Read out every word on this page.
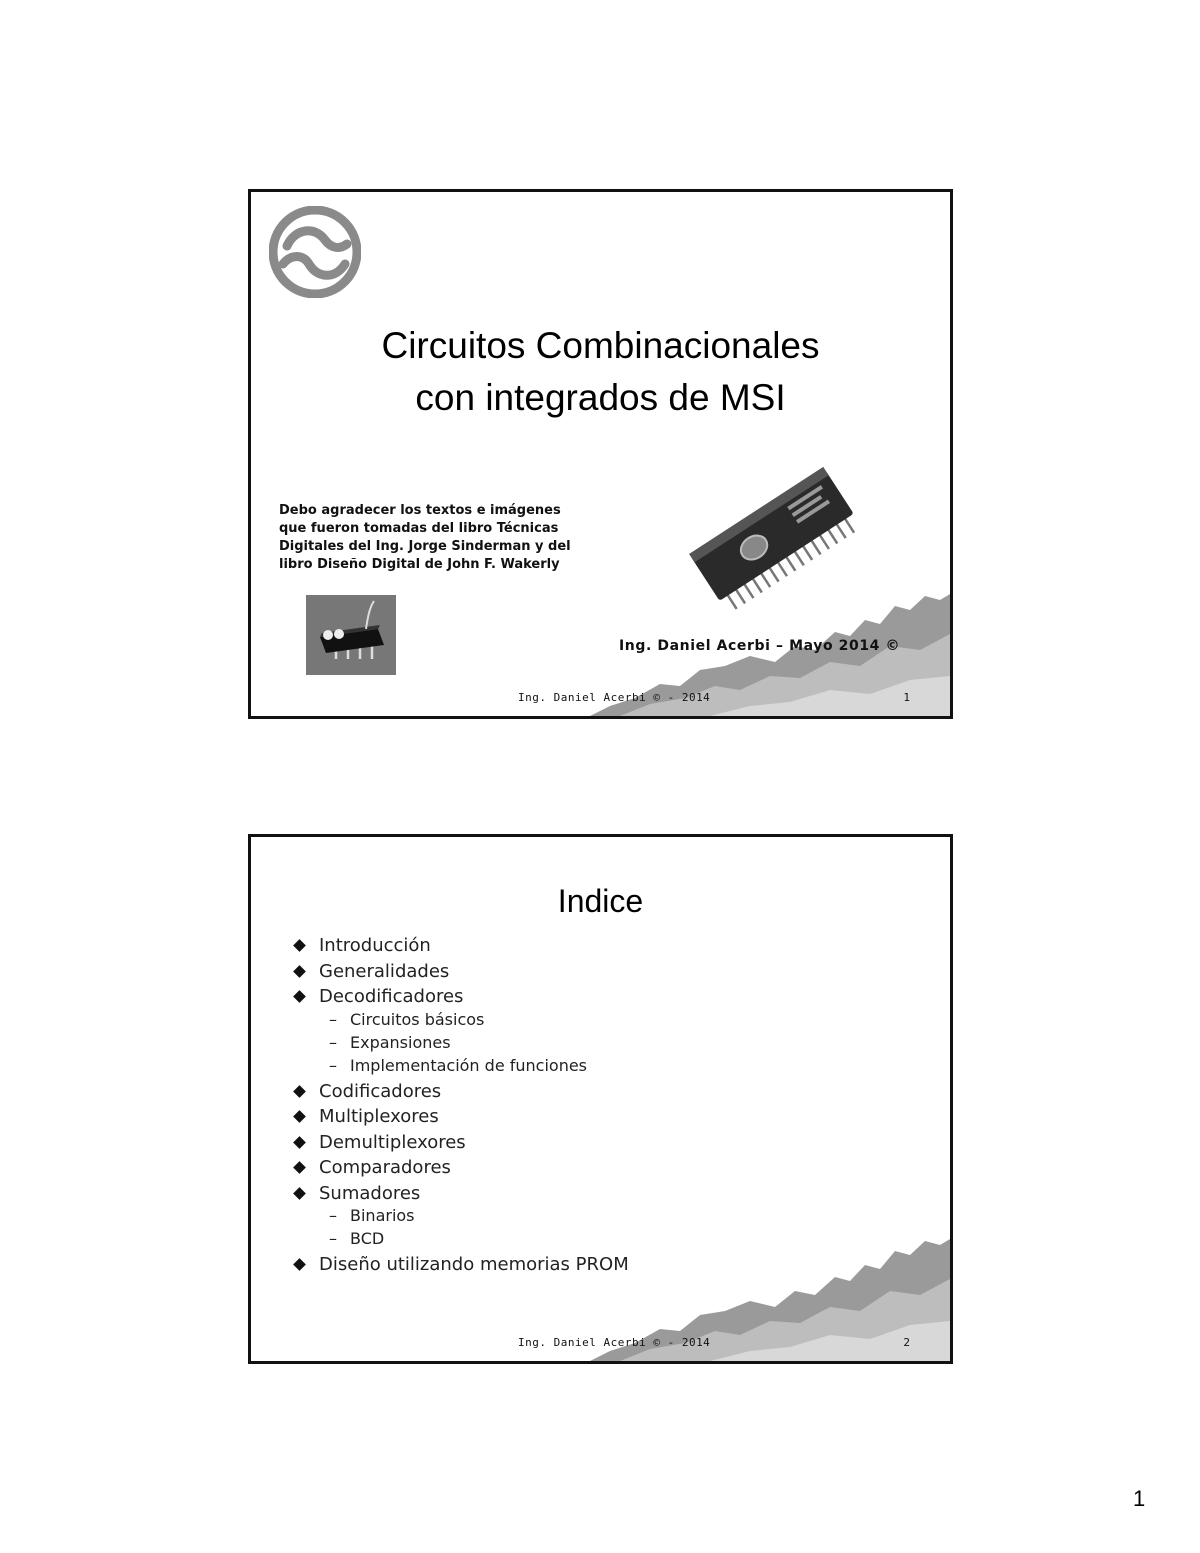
Circuitos Combinacionales
con integrados de MSI
Debo agradecer los textos e imágenes
que fueron tomadas del libro Técnicas
Digitales del Ing. Jorge Sinderman y del
libro Diseño Digital de John F. Wakerly
Ing. Daniel Acerbi – Mayo 2014 ©
Ing. Daniel Acerbi © - 2014	1
Indice
Introducción
Generalidades
Decodificadores
– Circuitos básicos
– Expansiones
– Implementación de funciones
Codificadores
Multiplexores
Demultiplexores
Comparadores
Sumadores
– Binarios
– BCD
Diseño utilizando memorias PROM
Ing. Daniel Acerbi © - 2014	2
1
